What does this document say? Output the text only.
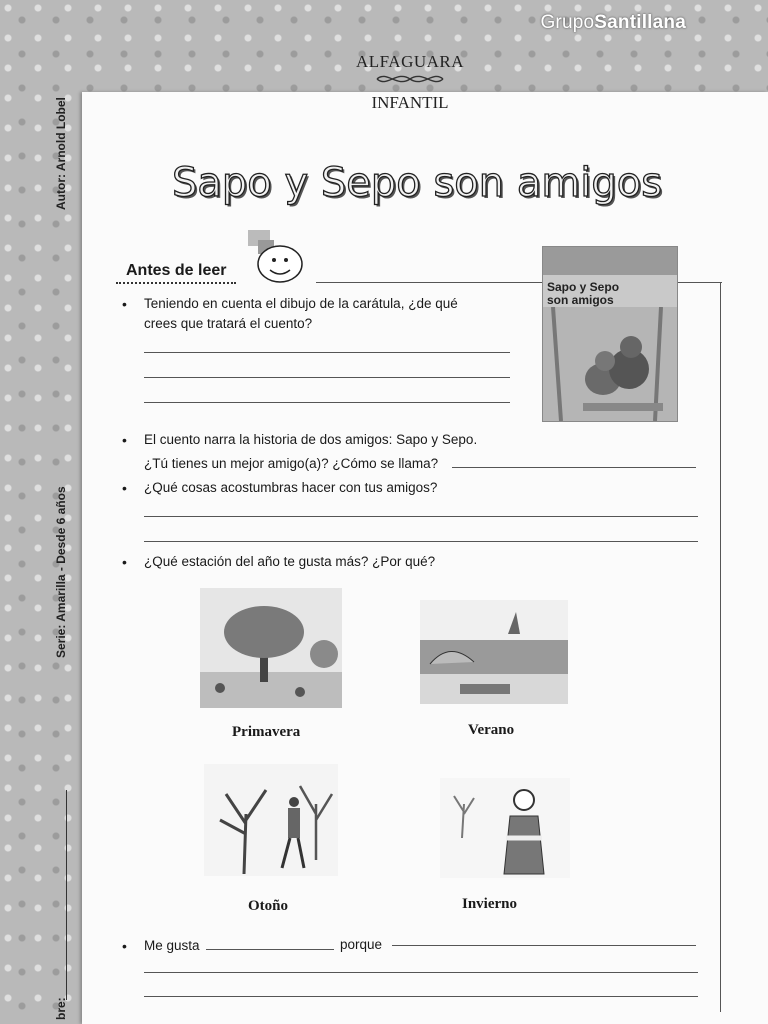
GrupoSantillana
Autor: Arnold Lobel
Serie: Amarilla - Desde 6 años
bre:
ALFAGUARA
INFANTIL
Sapo y Sepo son amigos
Antes de leer
Sapo y Sepo
son amigos
• Teniendo en cuenta el dibujo de la carátula, ¿de qué
crees que tratará el cuento?
• El cuento narra la historia de dos amigos: Sapo y Sepo.
¿Tú tienes un mejor amigo(a)? ¿Cómo se llama?
• ¿Qué cosas acostumbras hacer con tus amigos?
• ¿Qué estación del año te gusta más? ¿Por qué?
Primavera	Verano
Otoño	Invierno
• Me gusta	porque
